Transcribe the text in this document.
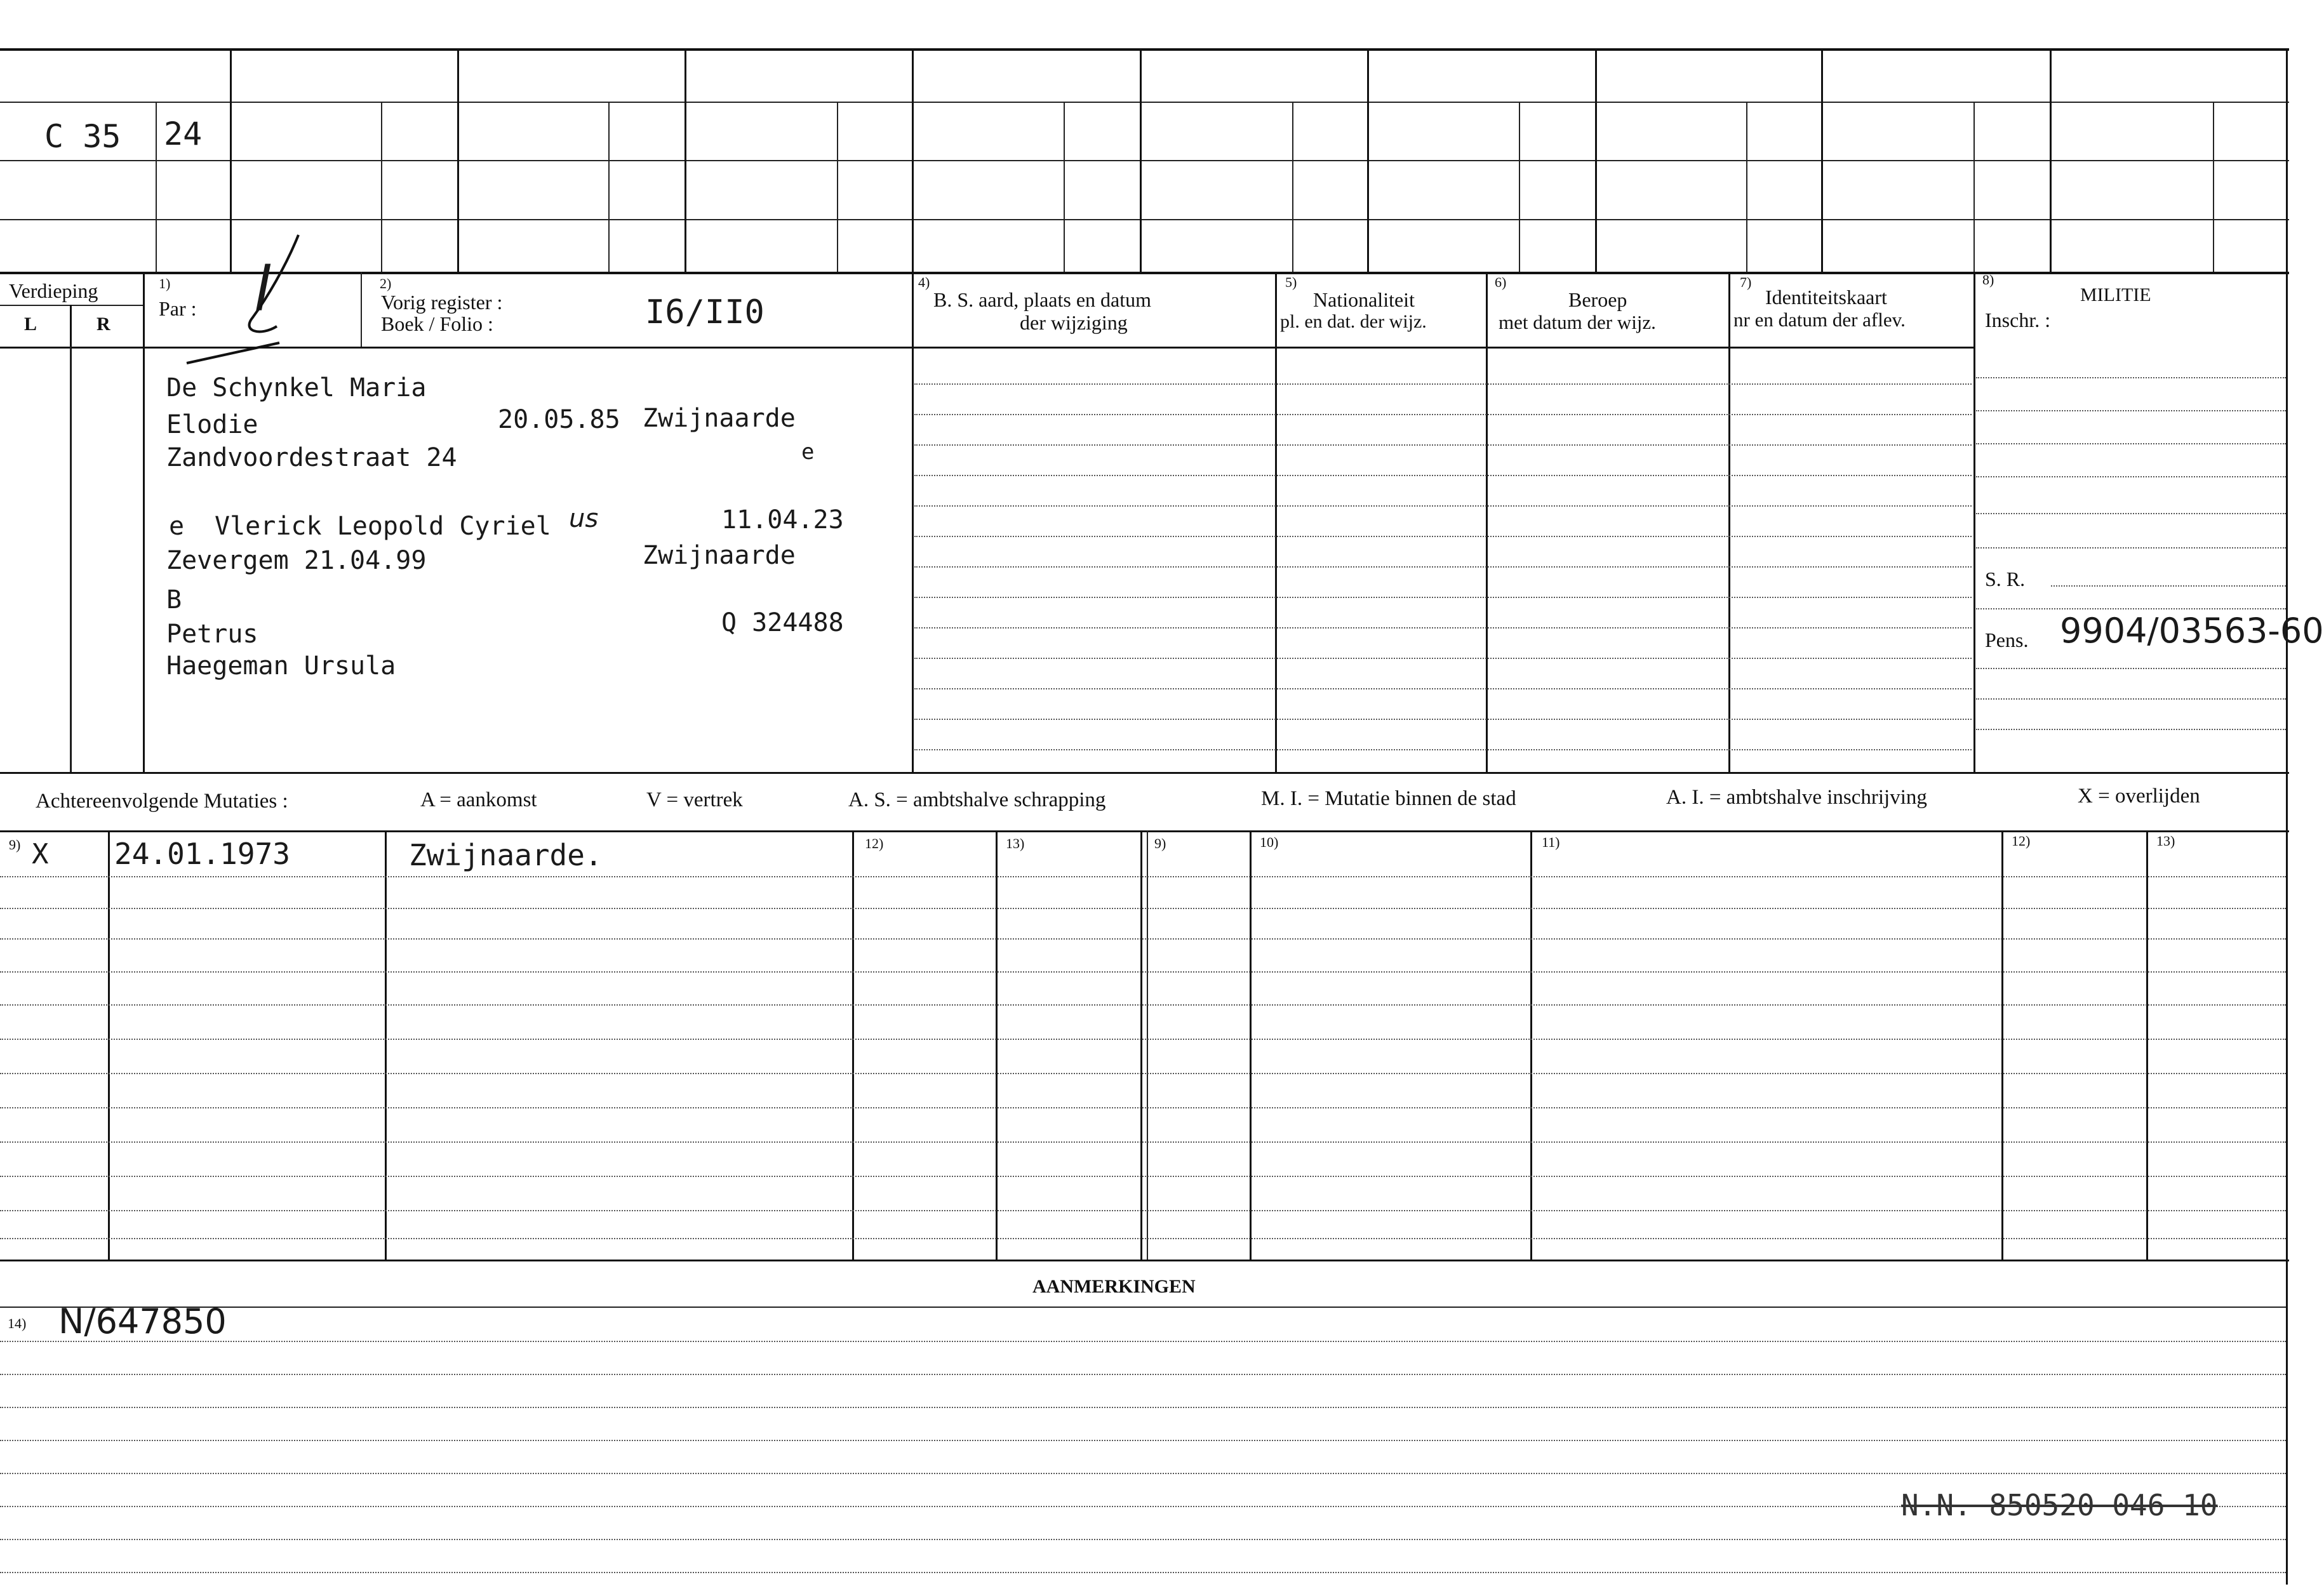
C 35 24
Verdieping
L	R
1)
Par : l	2)
Vorig register :
Boek / Folio :	I6/II0
4)
B. S. aard, plaats en datum
der wijziging
5)
Nationaliteit
pl. en dat. der wijz.
6)
Beroep
met datum der wijz.
7)
Identiteitskaart
nr en datum der aflev.
8)
MILITIE
Inschr. :
S. R.
Pens. 9904/03563-60
De Schynkel Maria
Elodie	20.05.85 Zwijnaarde
Zandvoordestraat 24	e
e Vlerick Leopold Cyriel us	11.04.23
Zevergem 21.04.99	Zwijnaarde
B
Petrus	Q 324488
Haegeman Ursula
Achtereenvolgende Mutaties :	A = aankomst	V = vertrek	A. S. = ambtshalve schrapping	M. I. = Mutatie binnen de stad	A. I. = ambtshalve inschrijving	X = overlijden
9)	12)	13)	9)	10)	11)	12)	13)
X 24.01.1973	Zwijnaarde.
AANMERKINGEN
14) N/647850
N.N. 850520 046 10
